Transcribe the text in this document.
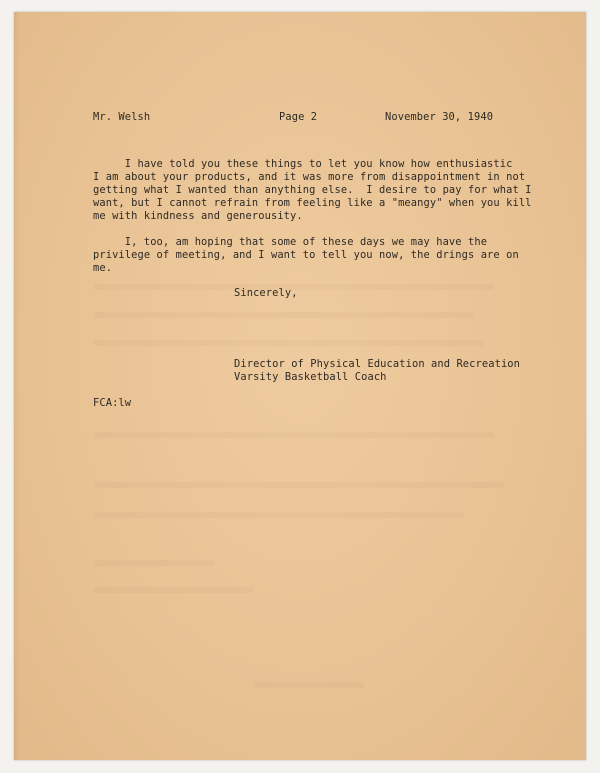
Mr. Welsh	Page 2	November 30, 1940
I have told you these things to let you know how enthusiastic
I am about your products, and it was more from disappointment in not
getting what I wanted than anything else.  I desire to pay for what I
want, but I cannot refrain from feeling like a "meangy" when you kill
me with kindness and generousity.
I, too, am hoping that some of these days we may have the
privilege of meeting, and I want to tell you now, the drings are on
me.
Sincerely,
Director of Physical Education and Recreation
Varsity Basketball Coach
FCA:lw
